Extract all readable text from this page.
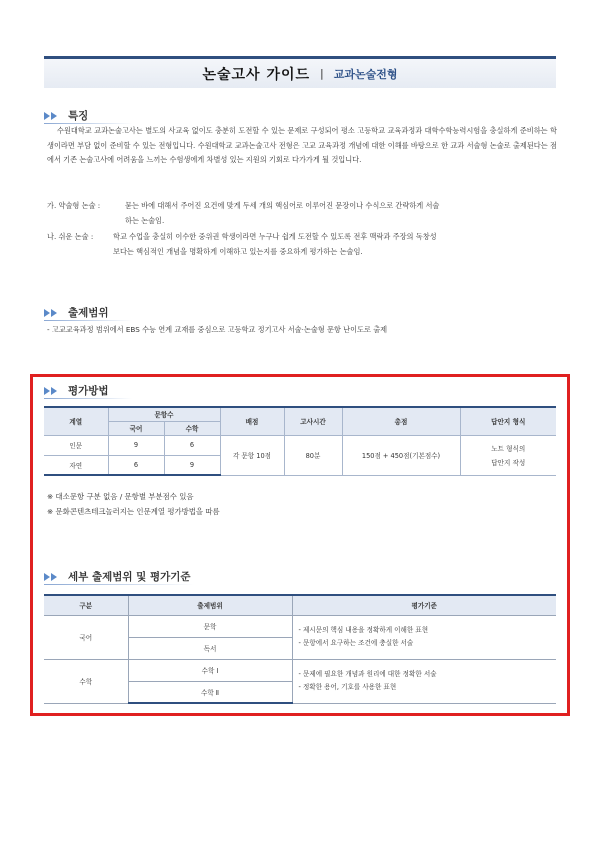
논술고사 가이드 | 교과논술전형
특징
수원대학교 교과논술고사는 별도의 사교육 없이도 충분히 도전할 수 있는 문제로 구성되어 평소 고등학교 교육과정과 대학수학능력시험을 충실하게 준비하는 학생이라면 부담 없이 준비할 수 있는 전형입니다. 수원대학교 교과논술고사 전형은 고교 교육과정 개념에 대한 이해를 바탕으로 한 교과 서술형 논술로 출제된다는 점에서 기존 논술고사에 어려움을 느끼는 수험생에게 차별성 있는 지원의 기회로 다가가게 될 것입니다.
가. 약술형 논술 :	묻는 바에 대해서 주어진 요건에 맞게 두세 개의 핵심어로 이루어진 문장이나 수식으로 간략하게 서술

하는 논술임.
나. 쉬운 논술 :	학교 수업을 충실히 이수한 중위권 학생이라면 누구나 쉽게 도전할 수 있도록 전후 맥락과 주장의 독창성

보다는 핵심적인 개념을 명확하게 이해하고 있는지를 중요하게 평가하는 논술임.
출제범위
- 고교교육과정 범위에서 EBS 수능 연계 교재를 중심으로 고등학교 정기고사 서술·논술형 문항 난이도로 출제
평가방법
계열	문항수		배점	고사시간	총점	답안지 형식
	국어	수학				
인문	9	6	각 문항 10점	80분	150점 + 450점(기본점수)	노트 형식의
답안지 작성

자연	6	9				
※ 대소문항 구분 없음 / 문항별 부분점수 있음
※ 문화콘텐츠테크놀러지는 인문계열 평가방법을 따름
세부 출제범위 및 평가기준
구분	출제범위	평가기준
국어	문학	- 제시문의 핵심 내용을 정확하게 이해한 표현
- 문항에서 요구하는 조건에 충실한 서술

	독서	
수학	수학 Ⅰ	- 문제에 필요한 개념과 원리에 대한 정확한 서술
- 정확한 용어, 기호를 사용한 표현

	수학 Ⅱ	
